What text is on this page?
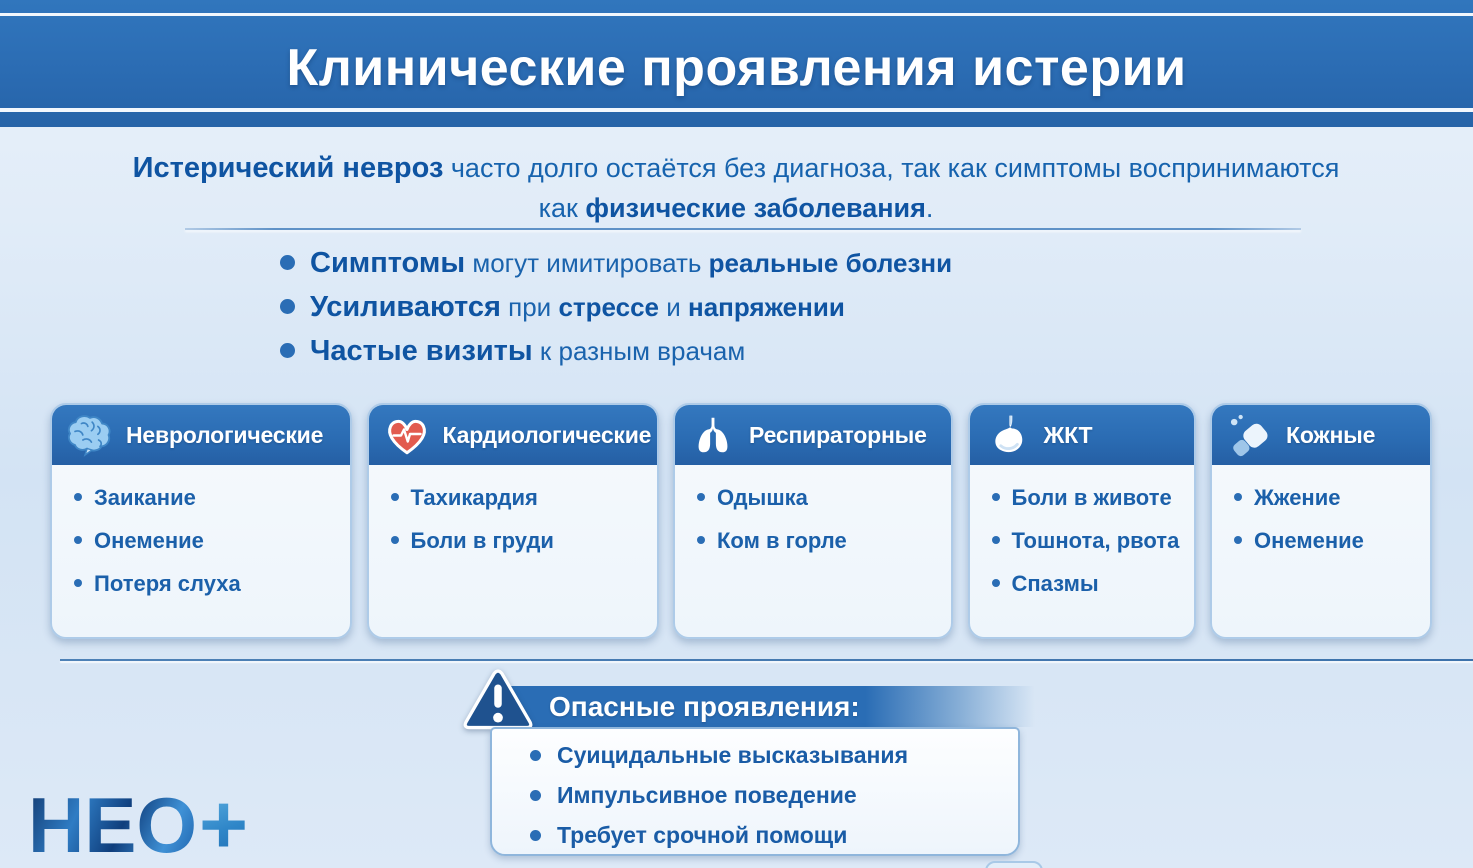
Клинические проявления истерии

Истерический невроз часто долго остаётся без диагноза, так как симптомы воспринимаются
как физические заболевания.

Симптомы могут имитировать реальные болезни
Усиливаются при стрессе и напряжении
Частые визиты к разным врачам
Неврологические
Заикание
Онемение
Потеря слуха
Кардиологические
Тахикардия
Боли в груди
Респираторные
Одышка
Ком в горле
ЖКТ
Боли в животе
Тошнота, рвота
Спазмы
Кожные
Жжение
Онемение
Опасные проявления:
Суицидальные высказывания
Импульсивное поведение
Требует срочной помощи
НЕО +
